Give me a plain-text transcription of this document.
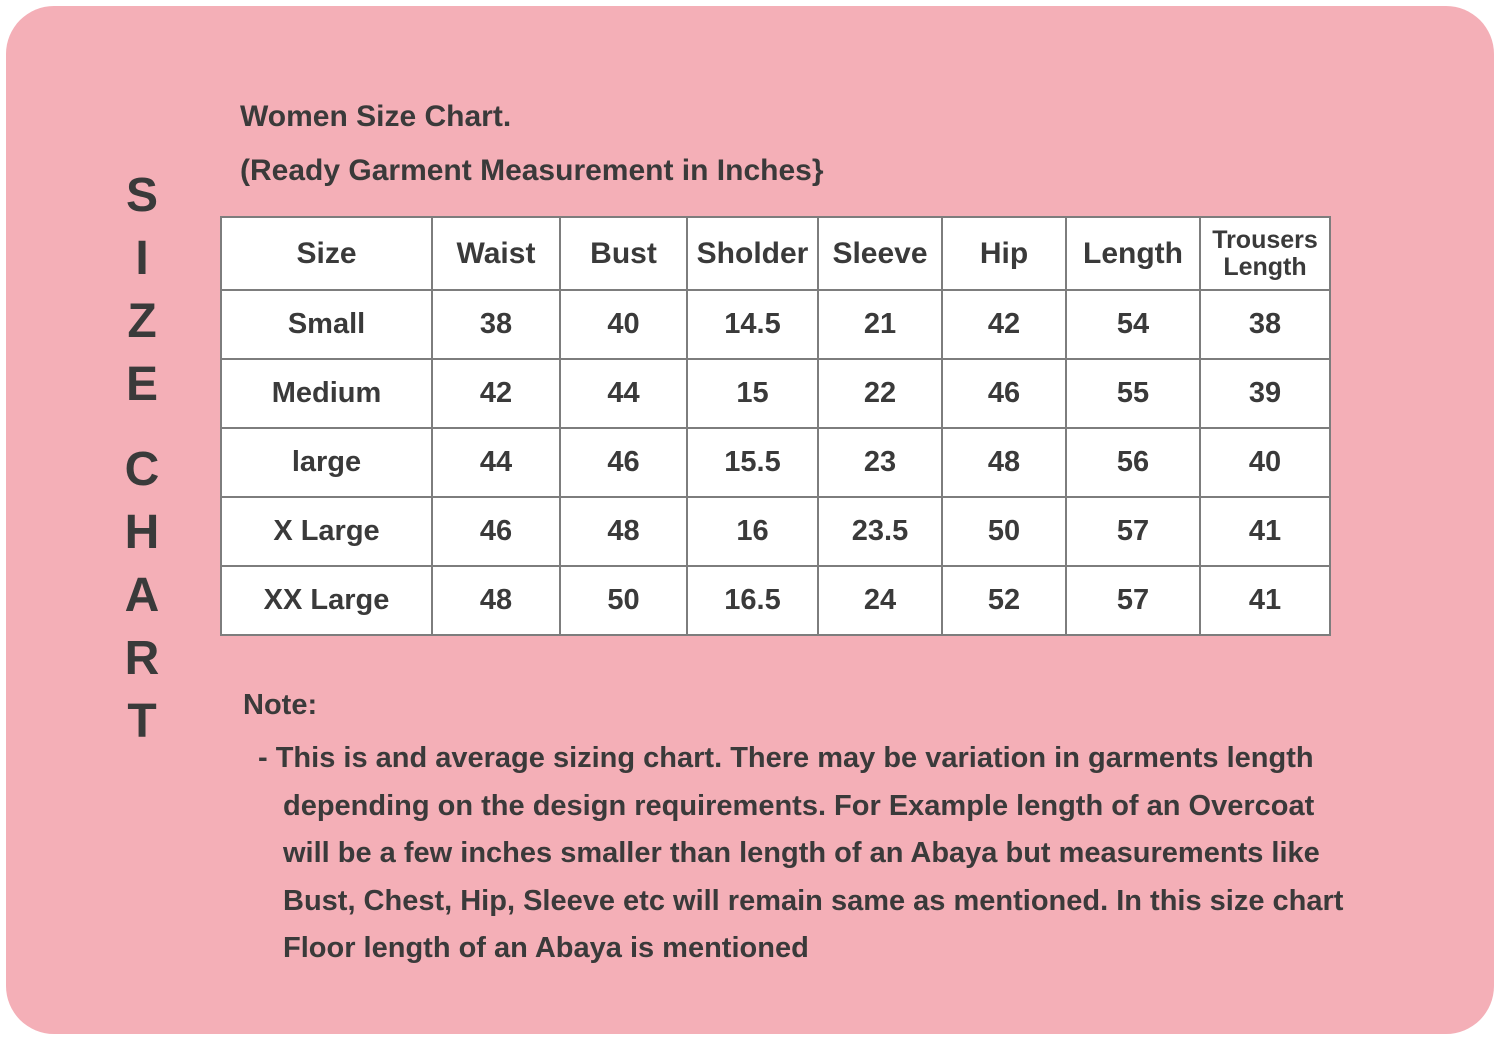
S
I
Z
E
C
H
A
R
T
Women Size Chart.
(Ready Garment Measurement in Inches}
Size	Waist	Bust	Sholder	Sleeve	Hip	Length	Trousers Length
Small	38	40	14.5	21	42	54	38
Medium	42	44	15	22	46	55	39
large	44	46	15.5	23	48	56	40
X Large	46	48	16	23.5	50	57	41
XX Large	48	50	16.5	24	52	57	41
Note:
- This is and average sizing chart. There may be variation in garments length
depending on the design requirements. For Example length of an Overcoat
will be a few inches smaller than length of an Abaya but measurements like
Bust, Chest, Hip, Sleeve etc will remain same as mentioned. In this size chart
Floor length of an Abaya is mentioned
